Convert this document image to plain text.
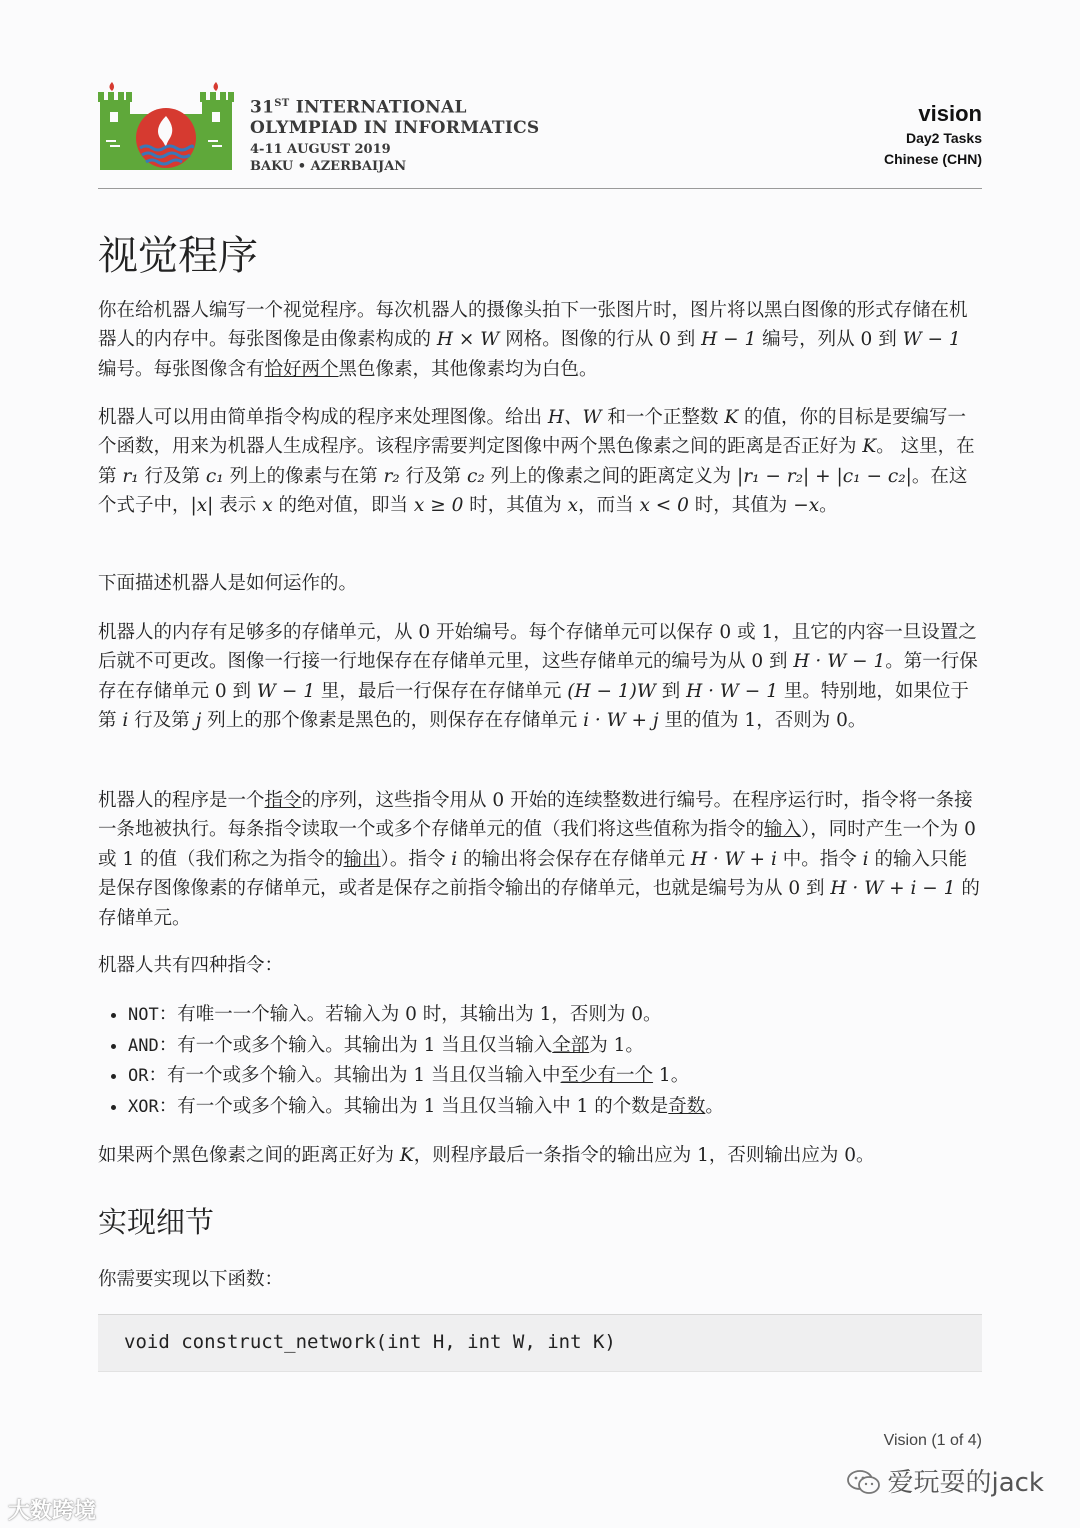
31ST INTERNATIONAL
OLYMPIAD IN INFORMATICS
4-11 AUGUST 2019
BAKU • AZERBAIJAN
vision
Day2 Tasks
Chinese (CHN)
视觉程序
你在给机器人编写一个视觉程序。每次机器人的摄像头拍下一张图片时，图片将以黑白图像的形式存储在机器人的内存中。每张图像是由像素构成的 H × W 网格。图像的行从 0 到 H − 1 编号，列从 0 到 W − 1 编号。每张图像含有恰好两个黑色像素，其他像素均为白色。
机器人可以用由简单指令构成的程序来处理图像。给出 H、W 和一个正整数 K 的值，你的目标是要编写一个函数，用来为机器人生成程序。该程序需要判定图像中两个黑色像素之间的距离是否正好为 K。 这里，在第 r₁ 行及第 c₁ 列上的像素与在第 r₂ 行及第 c₂ 列上的像素之间的距离定义为 |r₁ − r₂| + |c₁ − c₂|。在这个式子中，|x| 表示 x 的绝对值，即当 x ≥ 0 时，其值为 x，而当 x < 0 时，其值为 −x。
下面描述机器人是如何运作的。
机器人的内存有足够多的存储单元，从 0 开始编号。每个存储单元可以保存 0 或 1，且它的内容一旦设置之后就不可更改。图像一行接一行地保存在存储单元里，这些存储单元的编号为从 0 到 H · W − 1。第一行保存在存储单元 0 到 W − 1 里，最后一行保存在存储单元 (H − 1)W 到 H · W − 1 里。特别地，如果位于第 i 行及第 j 列上的那个像素是黑色的，则保存在存储单元 i · W + j 里的值为 1，否则为 0。
机器人的程序是一个指令的序列，这些指令用从 0 开始的连续整数进行编号。在程序运行时，指令将一条接一条地被执行。每条指令读取一个或多个存储单元的值（我们将这些值称为指令的输入），同时产生一个为 0 或 1 的值（我们称之为指令的输出）。指令 i 的输出将会保存在存储单元 H · W + i 中。指令 i 的输入只能是保存图像像素的存储单元，或者是保存之前指令输出的存储单元，也就是编号为从 0 到 H · W + i − 1 的存储单元。
机器人共有四种指令：
• NOT：有唯一一个输入。若输入为 0 时，其输出为 1，否则为 0。
• AND：有一个或多个输入。其输出为 1 当且仅当输入全部为 1。
• OR：有一个或多个输入。其输出为 1 当且仅当输入中至少有一个 1。
• XOR：有一个或多个输入。其输出为 1 当且仅当输入中 1 的个数是奇数。
如果两个黑色像素之间的距离正好为 K，则程序最后一条指令的输出应为 1，否则输出应为 0。
实现细节
你需要实现以下函数：
void construct_network(int H, int W, int K)
Vision (1 of 4)
大数跨境
爱玩耍的jack
